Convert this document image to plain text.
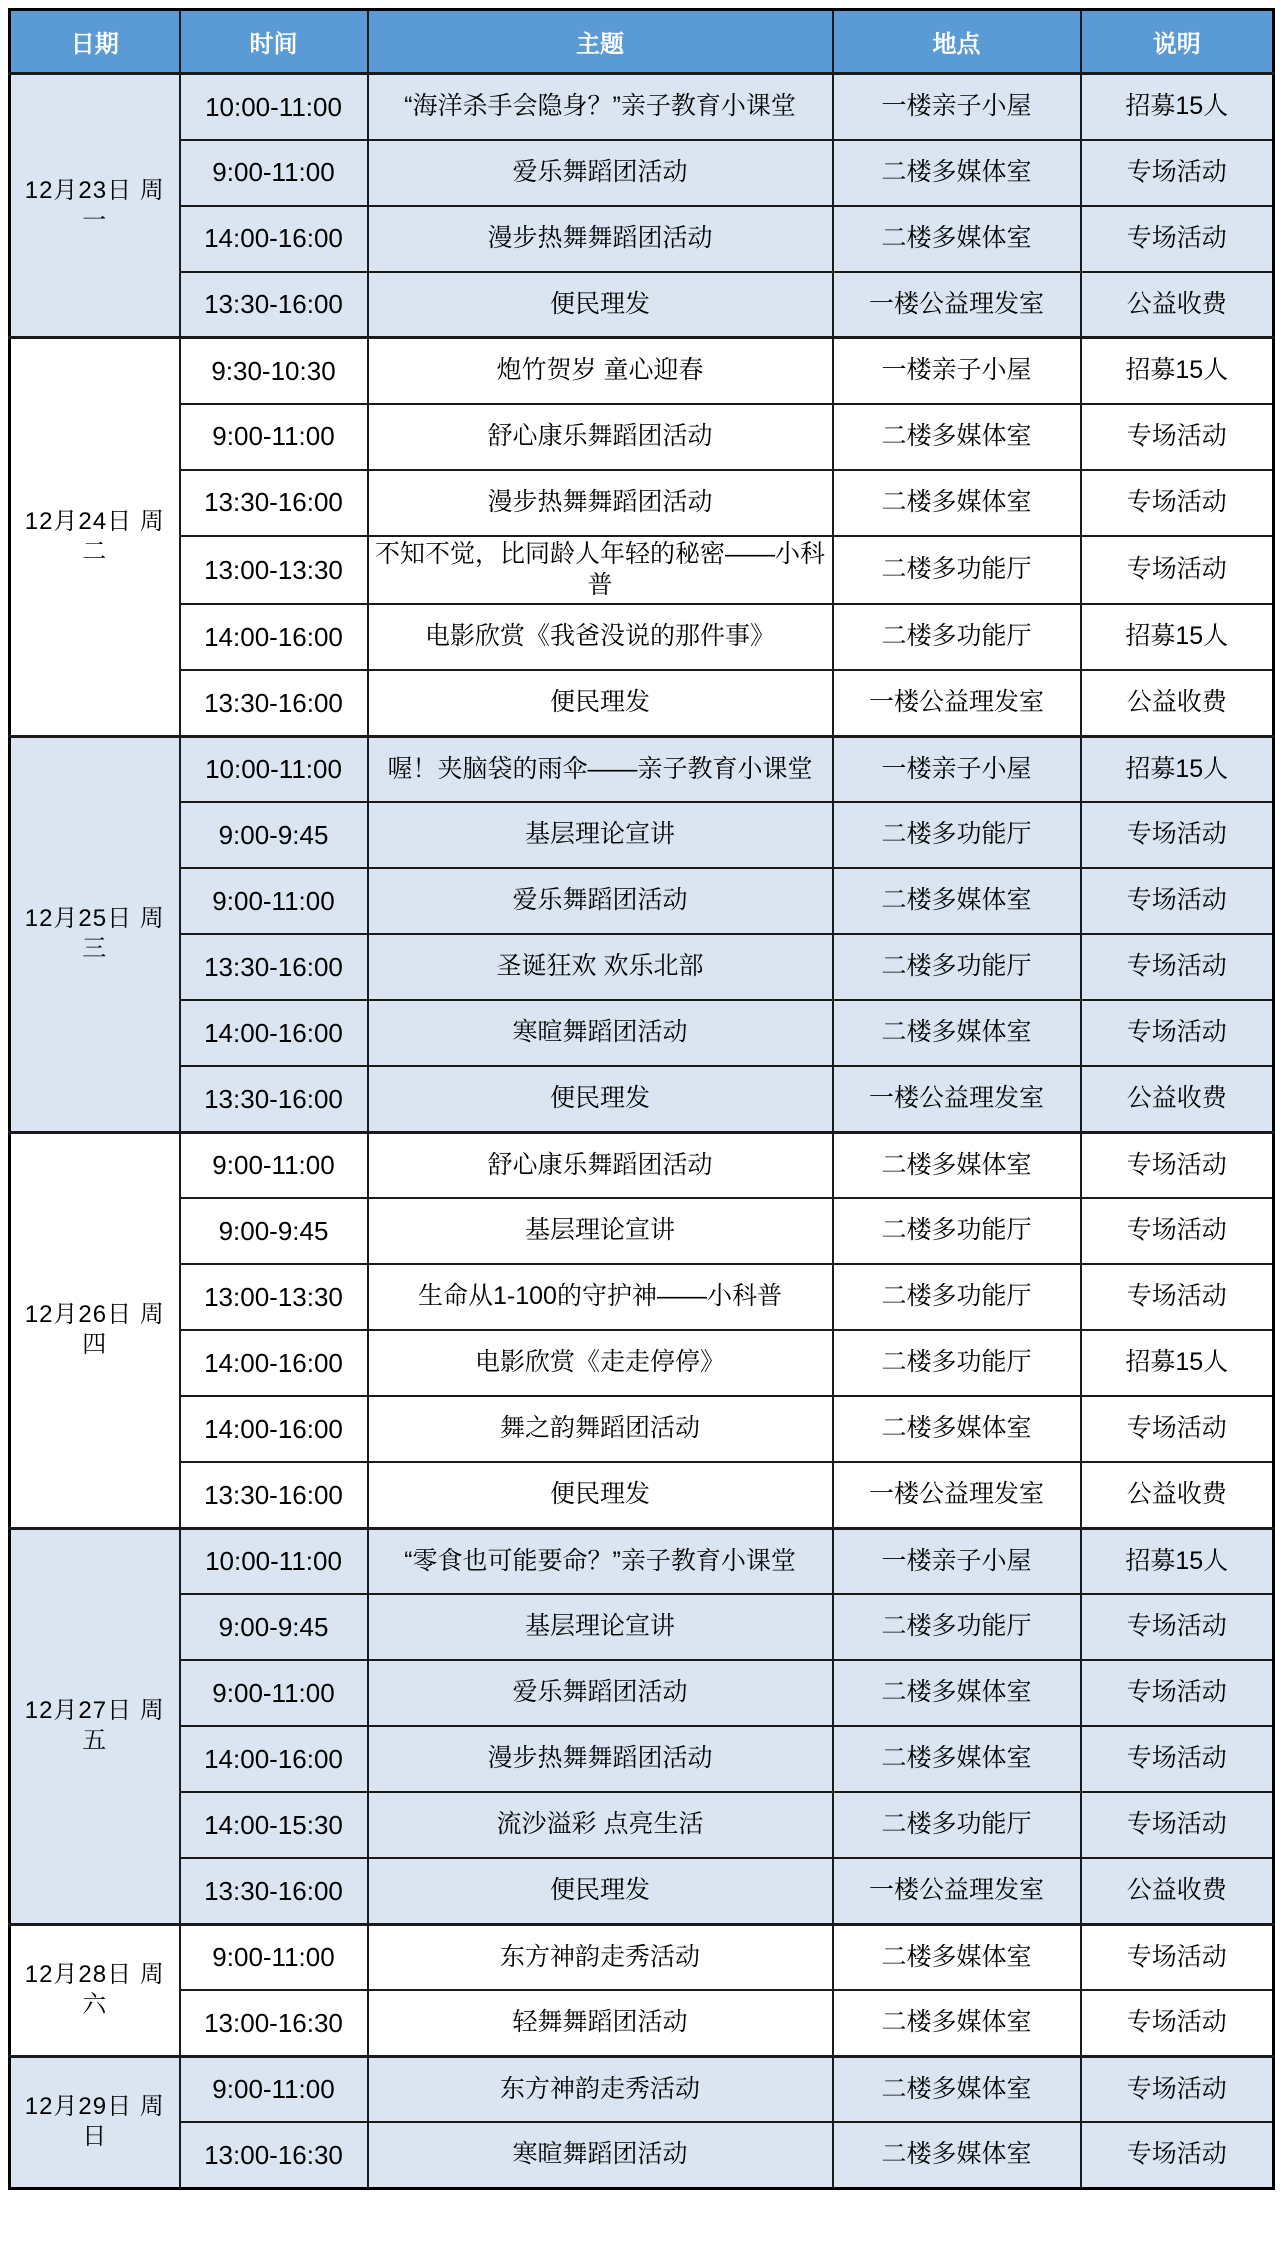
日期	时间	主题	地点	说明
12月23日 周一	10:00-11:00	“海洋杀手会隐身？”亲子教育小课堂	一楼亲子小屋	招募15人
	9:00-11:00	爱乐舞蹈团活动	二楼多媒体室	专场活动
	14:00-16:00	漫步热舞舞蹈团活动	二楼多媒体室	专场活动
	13:30-16:00	便民理发	一楼公益理发室	公益收费
12月24日 周二	9:30-10:30	炮竹贺岁 童心迎春	一楼亲子小屋	招募15人
	9:00-11:00	舒心康乐舞蹈团活动	二楼多媒体室	专场活动
	13:30-16:00	漫步热舞舞蹈团活动	二楼多媒体室	专场活动
	13:00-13:30	不知不觉，比同龄人年轻的秘密——小科普	二楼多功能厅	专场活动
	14:00-16:00	电影欣赏《我爸没说的那件事》	二楼多功能厅	招募15人
	13:30-16:00	便民理发	一楼公益理发室	公益收费
12月25日 周三	10:00-11:00	喔！夹脑袋的雨伞——亲子教育小课堂	一楼亲子小屋	招募15人
	9:00-9:45	基层理论宣讲	二楼多功能厅	专场活动
	9:00-11:00	爱乐舞蹈团活动	二楼多媒体室	专场活动
	13:30-16:00	圣诞狂欢 欢乐北部	二楼多功能厅	专场活动
	14:00-16:00	寒暄舞蹈团活动	二楼多媒体室	专场活动
	13:30-16:00	便民理发	一楼公益理发室	公益收费
12月26日 周四	9:00-11:00	舒心康乐舞蹈团活动	二楼多媒体室	专场活动
	9:00-9:45	基层理论宣讲	二楼多功能厅	专场活动
	13:00-13:30	生命从1-100的守护神——小科普	二楼多功能厅	专场活动
	14:00-16:00	电影欣赏《走走停停》	二楼多功能厅	招募15人
	14:00-16:00	舞之韵舞蹈团活动	二楼多媒体室	专场活动
	13:30-16:00	便民理发	一楼公益理发室	公益收费
12月27日 周五	10:00-11:00	“零食也可能要命？”亲子教育小课堂	一楼亲子小屋	招募15人
	9:00-9:45	基层理论宣讲	二楼多功能厅	专场活动
	9:00-11:00	爱乐舞蹈团活动	二楼多媒体室	专场活动
	14:00-16:00	漫步热舞舞蹈团活动	二楼多媒体室	专场活动
	14:00-15:30	流沙溢彩 点亮生活	二楼多功能厅	专场活动
	13:30-16:00	便民理发	一楼公益理发室	公益收费
12月28日 周六	9:00-11:00	东方神韵走秀活动	二楼多媒体室	专场活动
	13:00-16:30	轻舞舞蹈团活动	二楼多媒体室	专场活动
12月29日 周日	9:00-11:00	东方神韵走秀活动	二楼多媒体室	专场活动
	13:00-16:30	寒暄舞蹈团活动	二楼多媒体室	专场活动
